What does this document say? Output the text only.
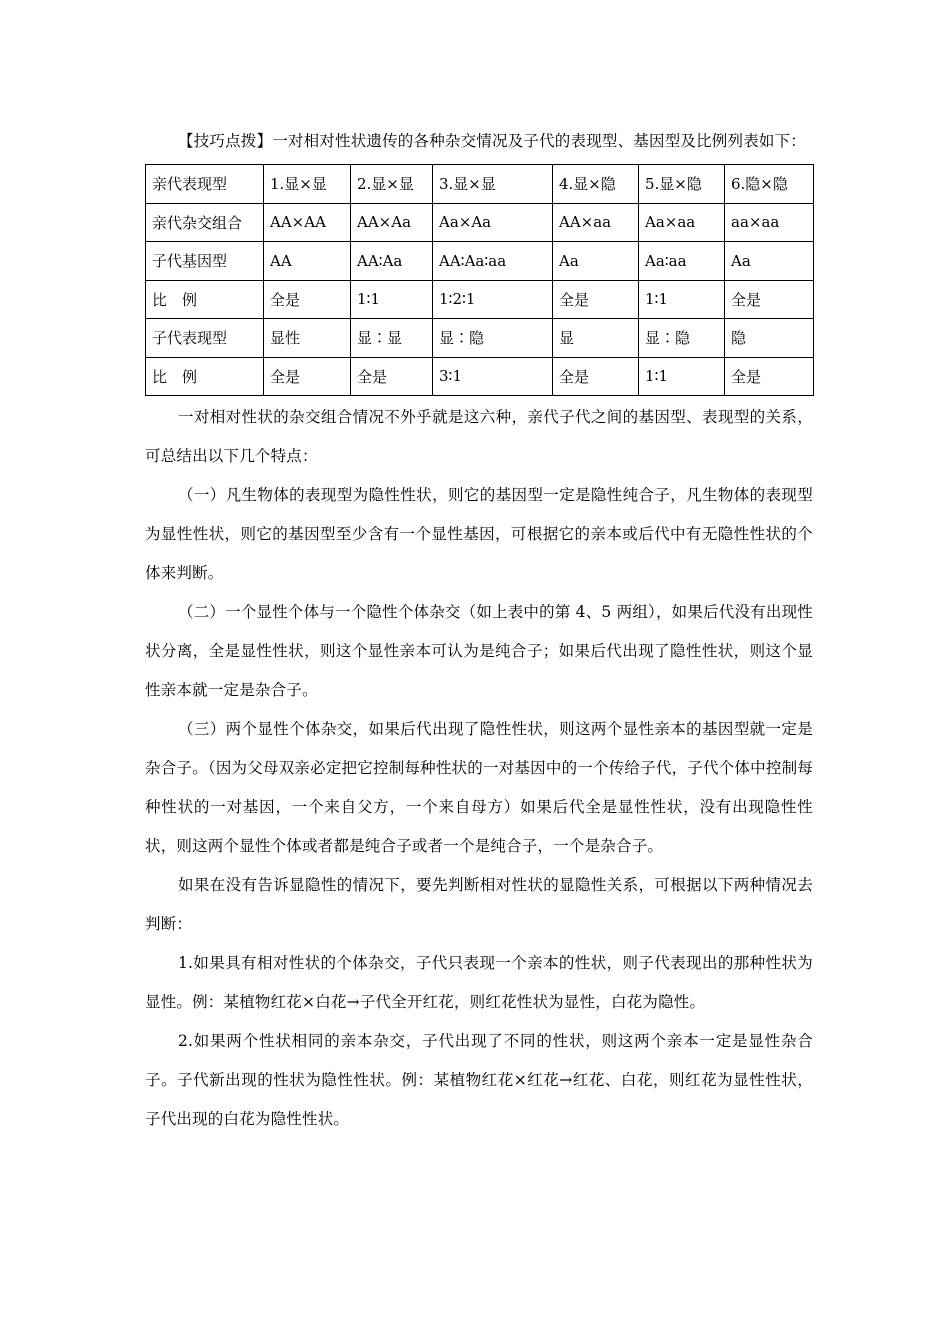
【技巧点拨】一对相对性状遗传的各种杂交情况及子代的表现型、基因型及比例列表如下：

亲代表现型	1.显×显	2.显×显	3.显×显	4.显×隐	5.显×隐	6.隐×隐
亲代杂交组合	AA×AA	AA×Aa	Aa×Aa	AA×aa	Aa×aa	aa×aa
子代基因型	AA	AA∶Aa	AA∶Aa∶aa	Aa	Aa∶aa	Aa
比　例	全是	1∶1	1∶2∶1	全是	1∶1	全是
子代表现型	显性	显∶显	显∶隐	显	显∶隐	隐
比　例	全是	全是	3∶1	全是	1∶1	全是

一对相对性状的杂交组合情况不外乎就是这六种，亲代子代之间的基因型、表现型的关系，可总结出以下几个特点：

（一）凡生物体的表现型为隐性性状，则它的基因型一定是隐性纯合子，凡生物体的表现型为显性性状，则它的基因型至少含有一个显性基因，可根据它的亲本或后代中有无隐性性状的个体来判断。

（二）一个显性个体与一个隐性个体杂交（如上表中的第 4、5 两组），如果后代没有出现性状分离，全是显性性状，则这个显性亲本可认为是纯合子；如果后代出现了隐性性状，则这个显性亲本就一定是杂合子。

（三）两个显性个体杂交，如果后代出现了隐性性状，则这两个显性亲本的基因型就一定是杂合子。（因为父母双亲必定把它控制每种性状的一对基因中的一个传给子代，子代个体中控制每种性状的一对基因，一个来自父方，一个来自母方）如果后代全是显性性状，没有出现隐性性状，则这两个显性个体或者都是纯合子或者一个是纯合子，一个是杂合子。

如果在没有告诉显隐性的情况下，要先判断相对性状的显隐性关系，可根据以下两种情况去判断：

1.如果具有相对性状的个体杂交，子代只表现一个亲本的性状，则子代表现出的那种性状为显性。例：某植物红花×白花→子代全开红花，则红花性状为显性，白花为隐性。

2.如果两个性状相同的亲本杂交，子代出现了不同的性状，则这两个亲本一定是显性杂合子。子代新出现的性状为隐性性状。例：某植物红花×红花→红花、白花，则红花为显性性状，子代出现的白花为隐性性状。
